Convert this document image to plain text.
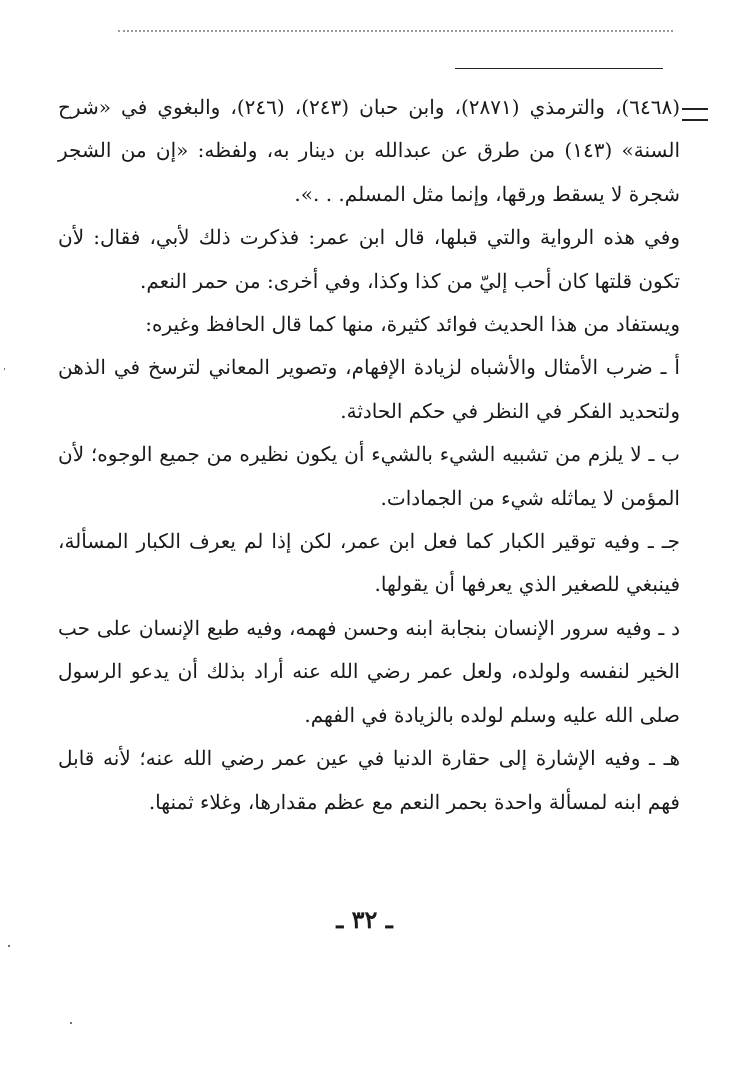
(٦٤٦٨)، والترمذي (٢٨٧١)، وابن حبان (٢٤٣)، (٢٤٦)، والبغوي في «شرح السنة» (١٤٣) من طرق عن عبدالله بن دينار به، ولفظه: «إن من الشجر شجرة لا يسقط ورقها، وإنما مثل المسلم. . .».

وفي هذه الرواية والتي قبلها، قال ابن عمر: فذكرت ذلك لأبي، فقال: لأن تكون قلتها كان أحب إليّ من كذا وكذا، وفي أخرى: من حمر النعم.

ويستفاد من هذا الحديث فوائد كثيرة، منها كما قال الحافظ وغيره:

أ ـ ضرب الأمثال والأشباه لزيادة الإفهام، وتصوير المعاني لترسخ في الذهن ولتحديد الفكر في النظر في حكم الحادثة.

ب ـ لا يلزم من تشبيه الشيء بالشيء أن يكون نظيره من جميع الوجوه؛ لأن المؤمن لا يماثله شيء من الجمادات.

جـ ـ وفيه توقير الكبار كما فعل ابن عمر، لكن إذا لم يعرف الكبار المسألة، فينبغي للصغير الذي يعرفها أن يقولها.

د ـ وفيه سرور الإنسان بنجابة ابنه وحسن فهمه، وفيه طبع الإنسان على حب الخير لنفسه ولولده، ولعل عمر رضي الله عنه أراد بذلك أن يدعو الرسول صلى الله عليه وسلم لولده بالزيادة في الفهم.

هـ ـ وفيه الإشارة إلى حقارة الدنيا في عين عمر رضي الله عنه؛ لأنه قابل فهم ابنه لمسألة واحدة بحمر النعم مع عظم مقدارها، وغلاء ثمنها.

ـ ٣٢ ـ
